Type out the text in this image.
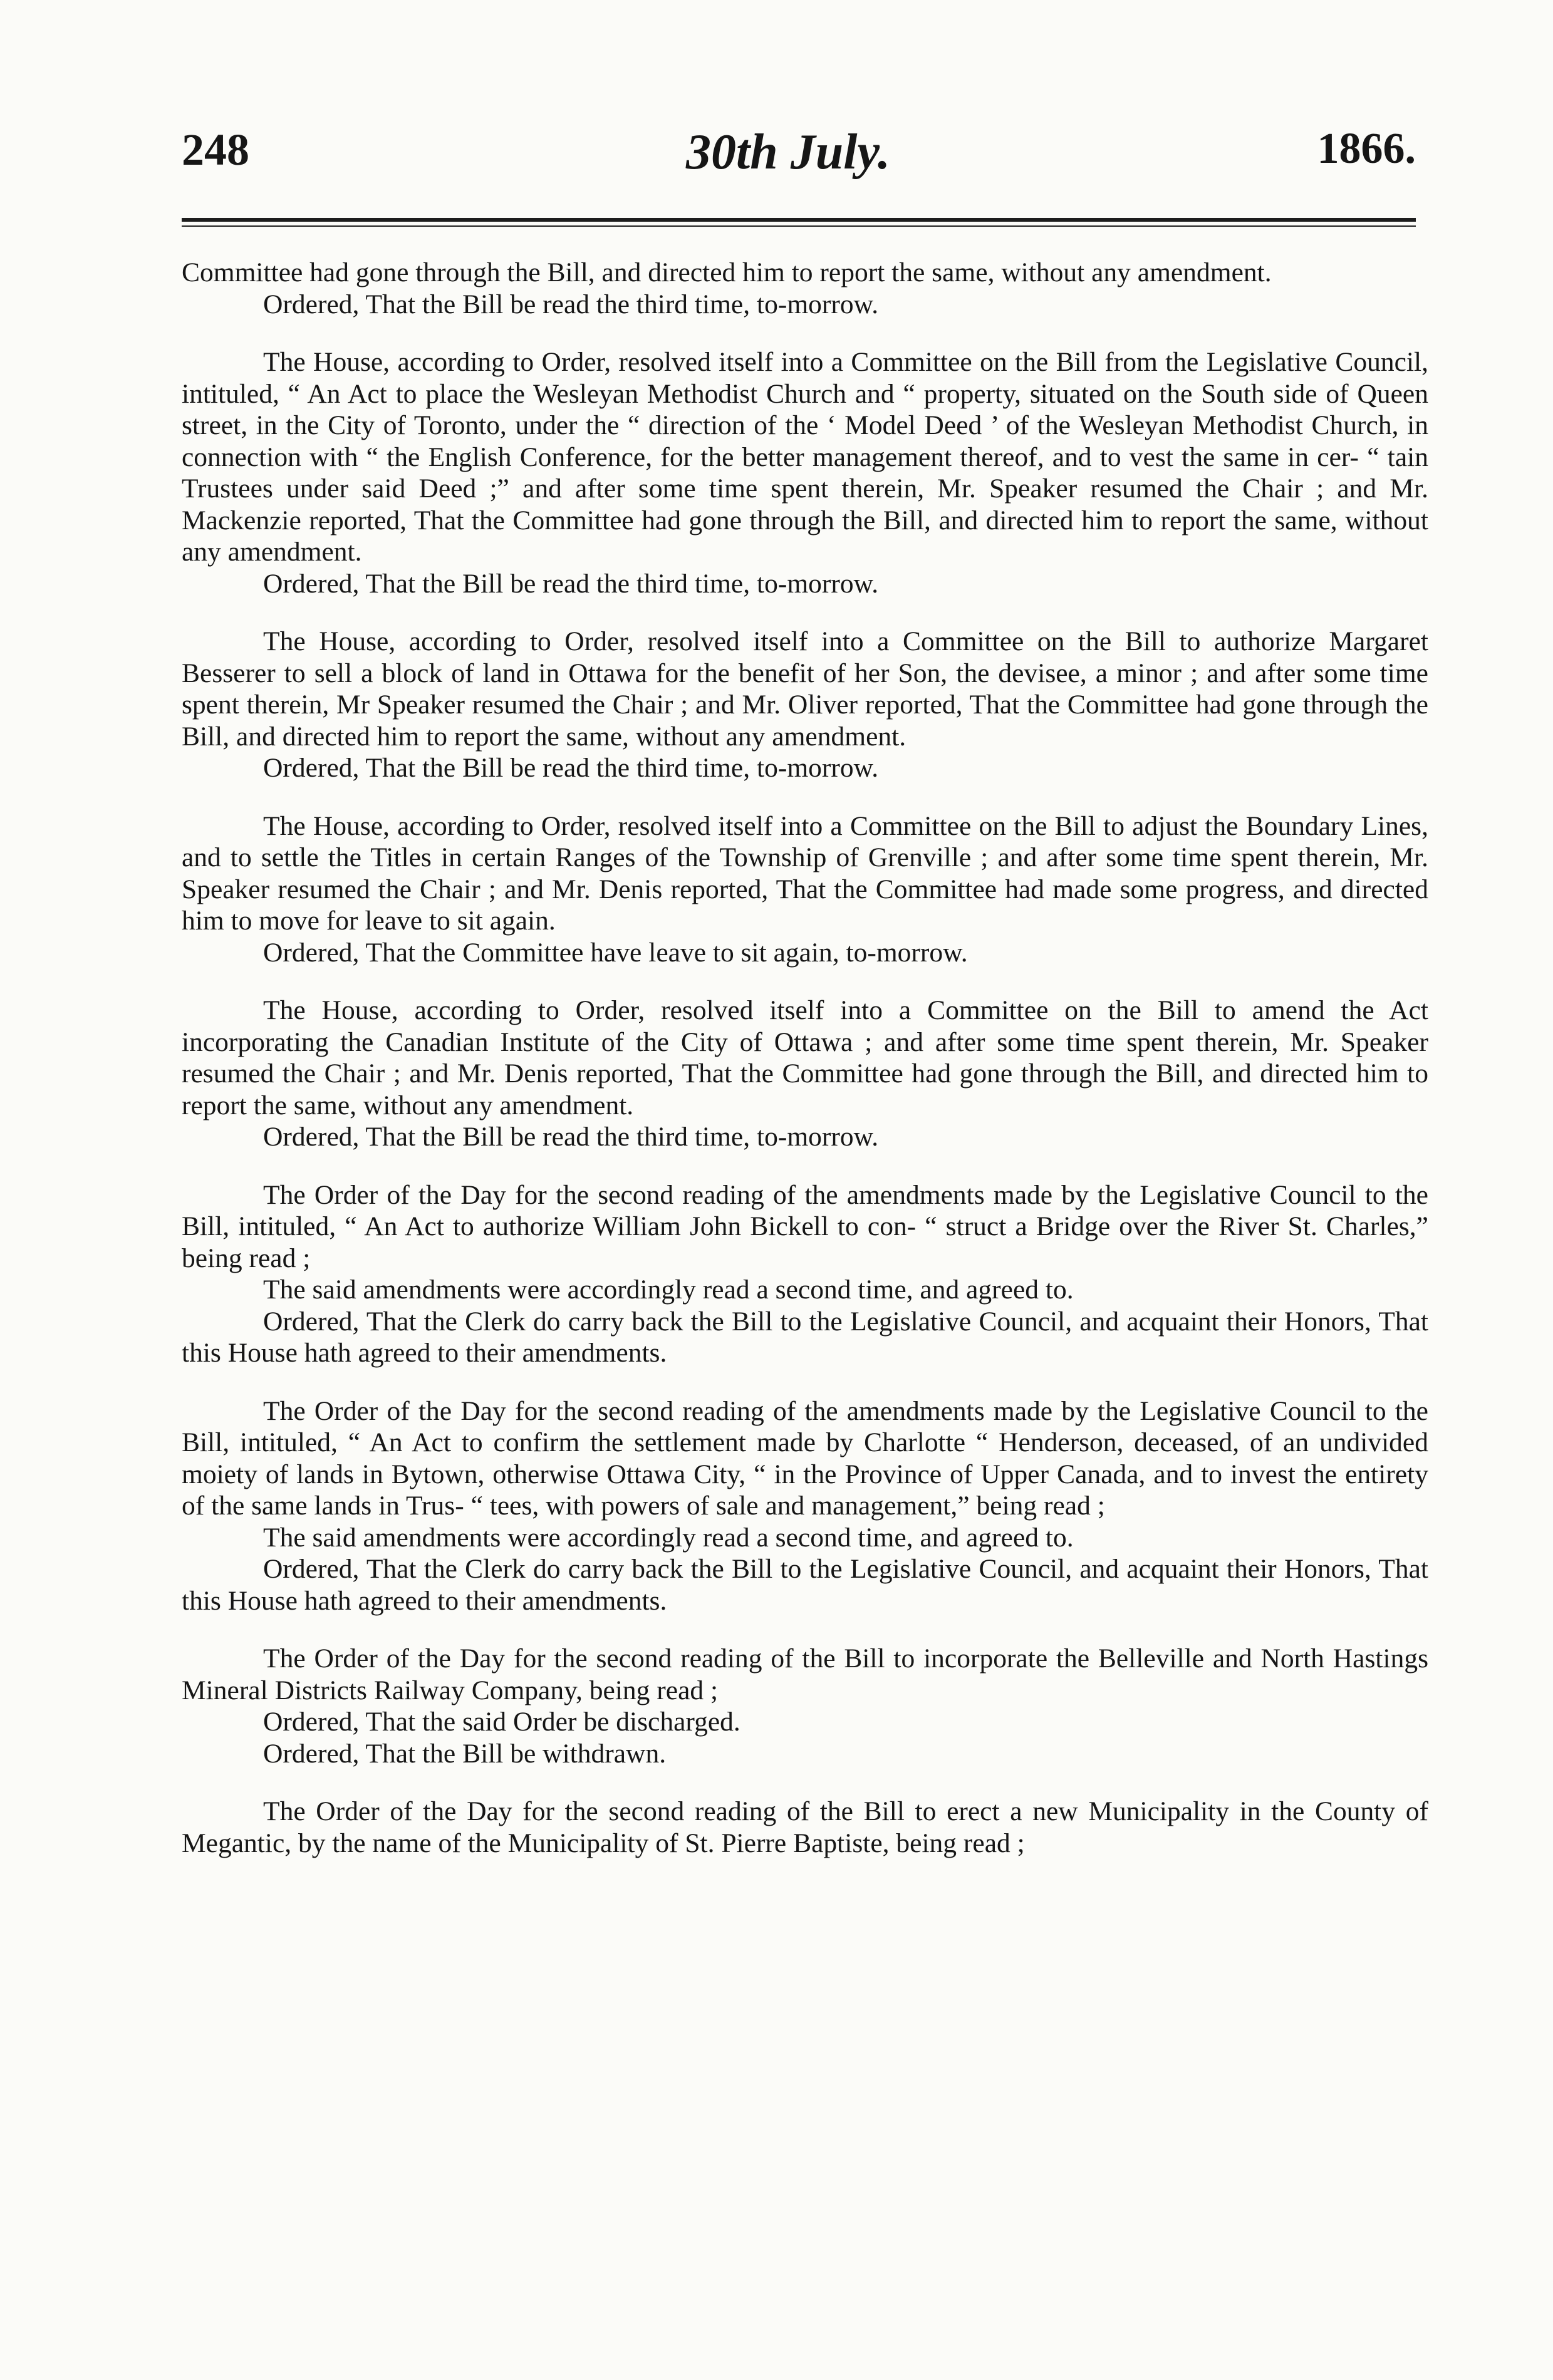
248	30th July.	1866.

Committee had gone through the Bill, and directed him to report the same, without any amendment.

Ordered, That the Bill be read the third time, to-morrow.

The House, according to Order, resolved itself into a Committee on the Bill from the Legislative Council, intituled, “ An Act to place the Wesleyan Methodist Church and “ property, situated on the South side of Queen street, in the City of Toronto, under the “ direction of the ‘ Model Deed ’ of the Wesleyan Methodist Church, in connection with “ the English Conference, for the better management thereof, and to vest the same in cer- “ tain Trustees under said Deed ;” and after some time spent therein, Mr. Speaker resumed the Chair ; and Mr. Mackenzie reported, That the Committee had gone through the Bill, and directed him to report the same, without any amendment.

Ordered, That the Bill be read the third time, to-morrow.

The House, according to Order, resolved itself into a Committee on the Bill to authorize Margaret Besserer to sell a block of land in Ottawa for the benefit of her Son, the devisee, a minor ; and after some time spent therein, Mr Speaker resumed the Chair ; and Mr. Oliver reported, That the Committee had gone through the Bill, and directed him to report the same, without any amendment.

Ordered, That the Bill be read the third time, to-morrow.

The House, according to Order, resolved itself into a Committee on the Bill to adjust the Boundary Lines, and to settle the Titles in certain Ranges of the Township of Grenville ; and after some time spent therein, Mr. Speaker resumed the Chair ; and Mr. Denis reported, That the Committee had made some progress, and directed him to move for leave to sit again.

Ordered, That the Committee have leave to sit again, to-morrow.

The House, according to Order, resolved itself into a Committee on the Bill to amend the Act incorporating the Canadian Institute of the City of Ottawa ; and after some time spent therein, Mr. Speaker resumed the Chair ; and Mr. Denis reported, That the Committee had gone through the Bill, and directed him to report the same, without any amendment.

Ordered, That the Bill be read the third time, to-morrow.

The Order of the Day for the second reading of the amendments made by the Legislative Council to the Bill, intituled, “ An Act to authorize William John Bickell to con- “ struct a Bridge over the River St. Charles,” being read ;

The said amendments were accordingly read a second time, and agreed to.

Ordered, That the Clerk do carry back the Bill to the Legislative Council, and acquaint their Honors, That this House hath agreed to their amendments.

The Order of the Day for the second reading of the amendments made by the Legislative Council to the Bill, intituled, “ An Act to confirm the settlement made by Charlotte “ Henderson, deceased, of an undivided moiety of lands in Bytown, otherwise Ottawa City, “ in the Province of Upper Canada, and to invest the entirety of the same lands in Trus- “ tees, with powers of sale and management,” being read ;

The said amendments were accordingly read a second time, and agreed to.

Ordered, That the Clerk do carry back the Bill to the Legislative Council, and acquaint their Honors, That this House hath agreed to their amendments.

The Order of the Day for the second reading of the Bill to incorporate the Belleville and North Hastings Mineral Districts Railway Company, being read ;

Ordered, That the said Order be discharged.

Ordered, That the Bill be withdrawn.

The Order of the Day for the second reading of the Bill to erect a new Municipality in the County of Megantic, by the name of the Municipality of St. Pierre Baptiste, being read ;
